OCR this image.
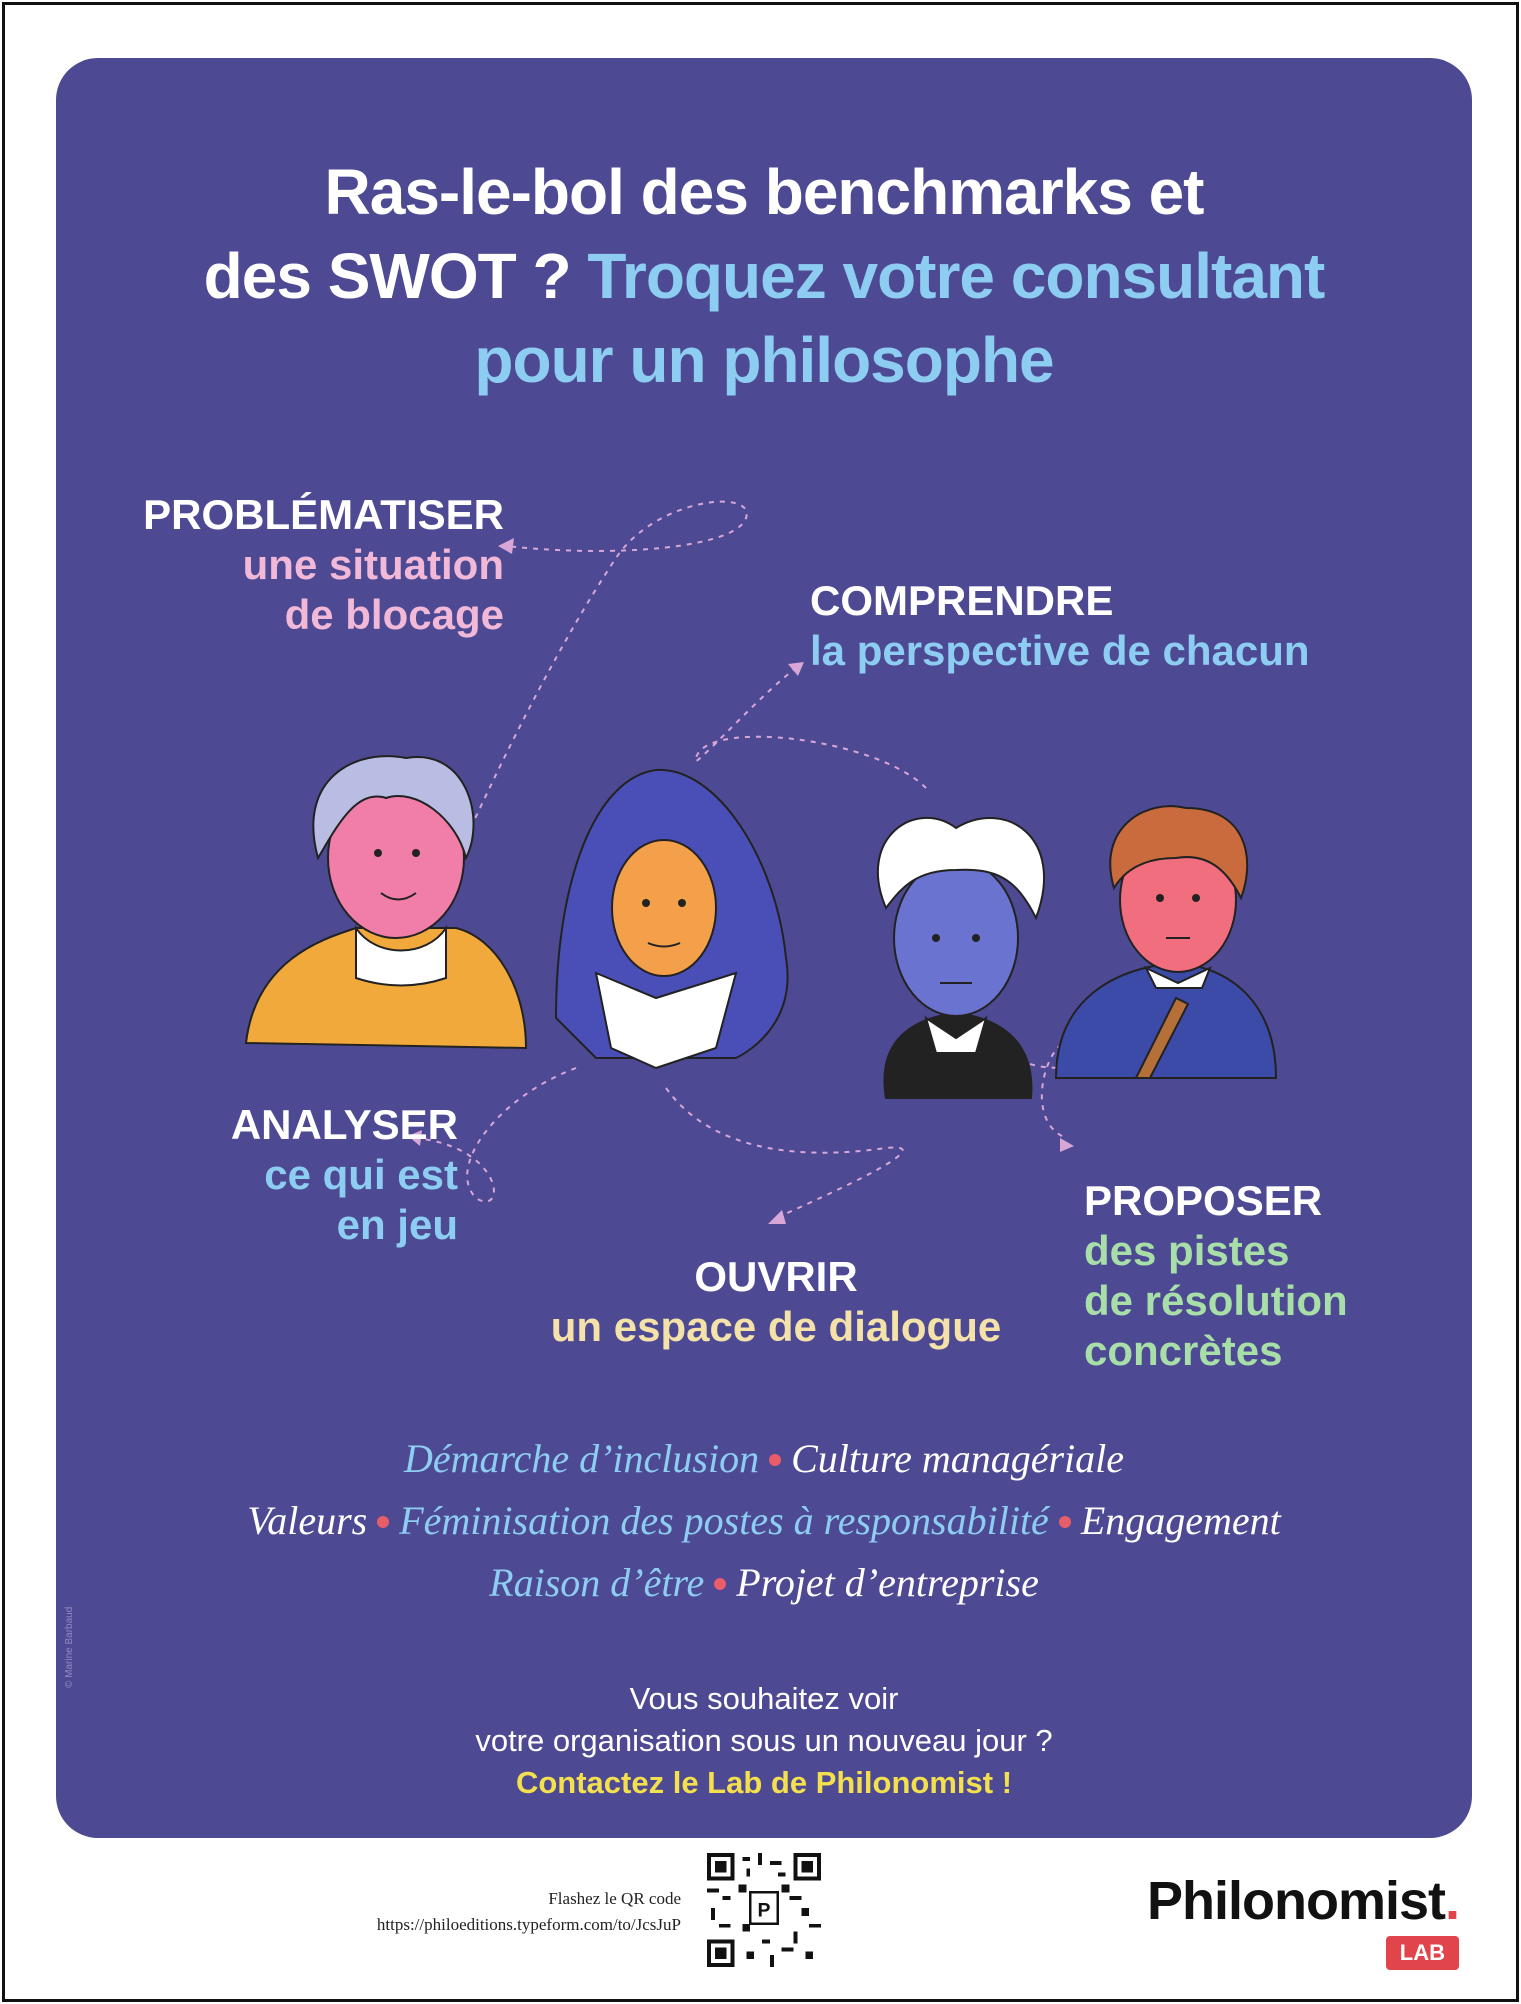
Ras-le-bol des benchmarks et
des SWOT ? Troquez votre consultant
pour un philosophe
PROBLÉMATISER
une situation
de blocage	COMPRENDRE
la perspective de chacun
ANALYSER
ce qui est
en jeu
OUVRIR
un espace de dialogue
PROPOSER
des pistes
de résolution
concrètes
Démarche d’inclusion Culture managériale
Valeurs Féminisation des postes à responsabilité Engagement
Raison d’être Projet d’entreprise
Vous souhaitez voir
votre organisation sous un nouveau jour ?
Contactez le Lab de Philonomist !
© Marine Barbaud
Flashez le QR code
https://philoeditions.typeform.com/to/JcsJuP
P	Philonomist.
LAB
